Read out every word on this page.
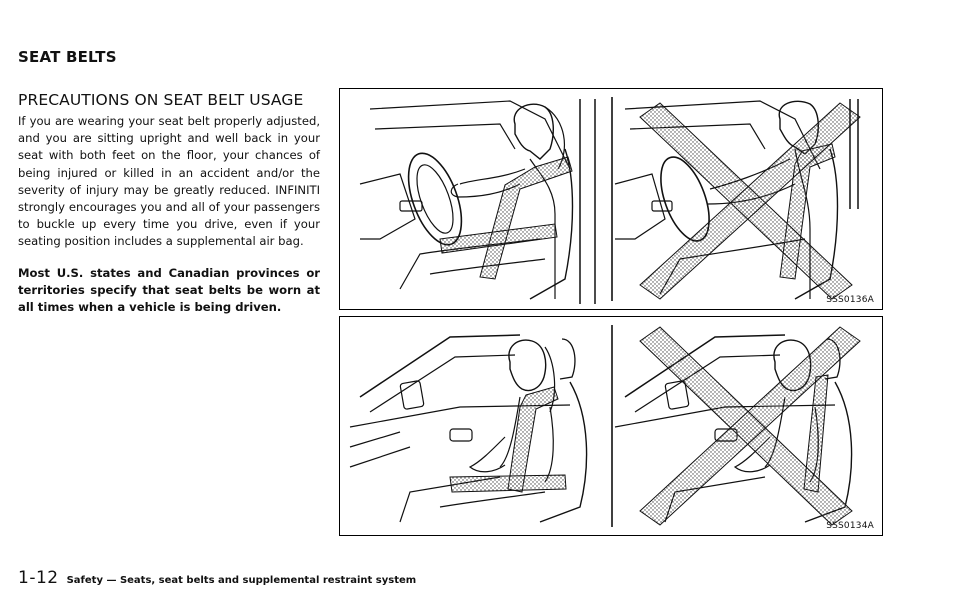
SEAT BELTS
PRECAUTIONS ON SEAT BELT USAGE

If you are wearing your seat belt properly adjusted, and you are sitting upright and well back in your seat with both feet on the floor, your chances of being injured or killed in an accident and/or the severity of injury may be greatly reduced. INFINITI strongly encourages you and all of your passengers to buckle up every time you drive, even if your seating position includes a supplemental air bag.

Most U.S. states and Canadian provinces or territories specify that seat belts be worn at all times when a vehicle is being driven.

SSS0136A
SSS0134A
1-12 Safety — Seats, seat belts and supplemental restraint system
